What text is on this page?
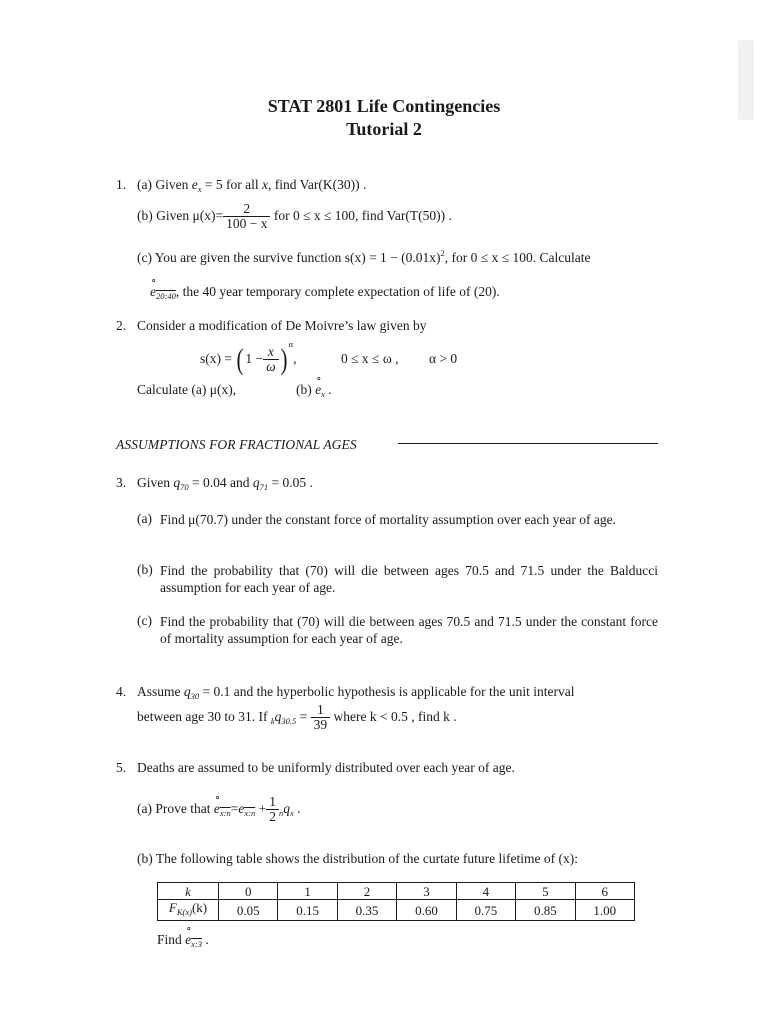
STAT 2801 Life Contingencies
Tutorial 2
1. (a) Given $e_x = 5$ for all x, find Var(K(30)) .
(b) Given $\mu(x)= \frac{2}{100 - x}$ for 0 ≤ x ≤ 100, find Var(T(50)) .
(c) You are given the survive function $s(x) = 1 - (0.01x)^2$, for 0 ≤ x ≤ 100. Calculate
∘ $e_{20:40}$, the 40 year temporary complete expectation of life of (20).
2. Consider a modification of De Moivre’s law given by
s(x) = ( $1 - \frac{x}{\omega}$ ) $^\alpha$,	0 ≤ x ≤ ω , α > 0
Calculate (a) μ(x),	(b) ∘ $e_x$ .
ASSUMPTIONS FOR FRACTIONAL AGES
3. Given $q_{70} = 0.04$ and $q_{71} = 0.05$ .
(a) Find μ(70.7) under the constant force of mortality assumption over each year of age.
(b) Find the probability that (70) will die between ages 70.5 and 71.5 under the Balducci assumption for each year of age.
(c) Find the probability that (70) will die between ages 70.5 and 71.5 under the constant force of mortality assumption for each year of age.
4. Assume $q_{30} = 0.1$ and the hyperbolic hypothesis is applicable for the unit interval
between age 30 to 31. If $_kq_{30.5} = \frac{1}{39}$ where k < 0.5 , find k .
5. Deaths are assumed to be uniformly distributed over each year of age.
(a) Prove that ∘ $e_{x:n}=e_{x:n} + \frac{1}{2} _nq_x$ .
(b) The following table shows the distribution of the curtate future lifetime of (x):
k	0	1	2	3	4	5	6
$F_{K(x)}(k)$	0.05	0.15	0.35	0.60	0.75	0.85	1.00
Find ∘ $e_{x:3}$ .
